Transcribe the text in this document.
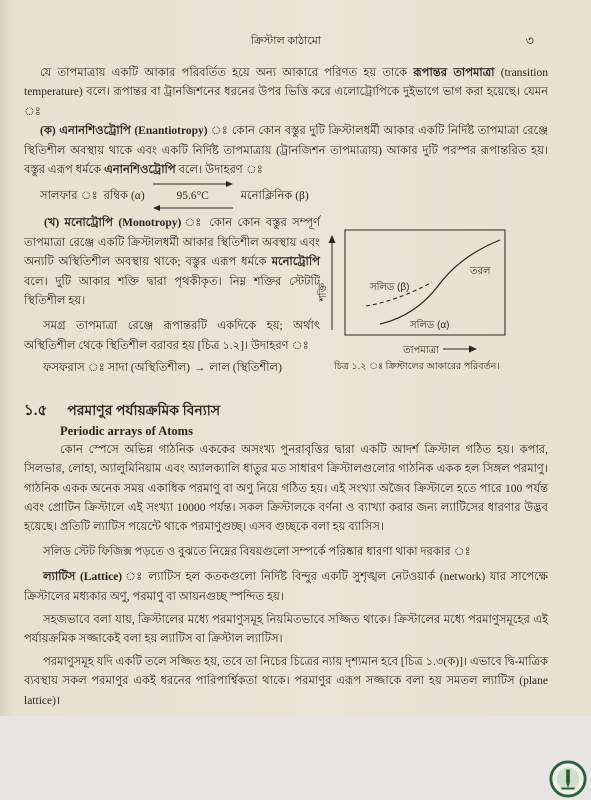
ক্রিস্টাল কাঠামো	৩

যে তাপমাত্রায় একটি আকার পরিবর্তিত হয়ে অন্য আকারে পরিণত হয় তাকে রূপান্তর তাপমাত্রা (transition temperature) বলে। রূপান্তর বা ট্রানজিশনের ধরনের উপর ভিত্তি করে এলোট্রোপিকে দুইভাগে ভাগ করা হয়েছে। যেমন ঃ

(ক) এনানশিওট্রোপি (Enantiotropy) ঃ কোন কোন বস্তুর দুটি ক্রিস্টালধর্মী আকার একটি নির্দিষ্ট তাপমাত্রা রেঞ্জে স্থিতিশীল অবস্থায় থাকে এবং একটি নির্দিষ্ট তাপমাত্রায় (ট্রানজিশন তাপমাত্রায়) আকার দুটি পরস্পর রূপান্তরিত হয়। বস্তুর এরূপ ধর্মকে এনানশিওট্রোপি বলে। উদাহরণ ঃ

সালফার ঃ রম্বিক (α)	95.6°C	মনোক্লিনিক (β)

(খ) মনোট্রোপি (Monotropy) ঃ কোন কোন বস্তুর সম্পূর্ণ তাপমাত্রা রেঞ্জে একটি ক্রিস্টালধর্মী আকার স্থিতিশীল অবস্থায় এবং অন্যটি অস্থিতিশীল অবস্থায় থাকে; বস্তুর এরূপ ধর্মকে মনোট্রোপি বলে। দুটি আকার শক্তি দ্বারা পৃথকীকৃত। নিম্ন শক্তির স্টেটটি স্থিতিশীল হয়।

সমগ্র তাপমাত্রা রেঞ্জে রূপান্তরটি একদিকে হয়; অর্থাৎ অস্থিতিশীল থেকে স্থিতিশীল বরাবর হয় [চিত্র ১.২]। উদাহরণ ঃ

ফসফরাস ঃ সাদা (অস্থিতিশীল) → লাল (স্থিতিশীল)

শক্তি	সলিড (β)
সলিড (α)
তরল
তাপমাত্রা
চিত্র ১.২ ঃ ক্রিস্টালের আকারের পরিবর্তন।
১.৫ পরমাণুর পর্যায়ক্রমিক বিন্যাস
Periodic arrays of Atoms

কোন স্পেসে অভিন্ন গাঠনিক এককের অসংখ্য পুনরাবৃত্তির দ্বারা একটি আদর্শ ক্রিস্টাল গঠিত হয়। কপার, সিলভার, লোহা, অ্যালুমিনিয়াম এবং অ্যালক্যালি ধাতুর মত সাধারণ ক্রিস্টালগুলোর গাঠনিক একক হল সিঙ্গল পরমাণু। গাঠনিক একক অনেক সময় একাধিক পরমাণু বা অণু নিয়ে গঠিত হয়। এই সংখ্যা অজৈব ক্রিস্টালে হতে পারে 100 পর্যন্ত এবং প্রোটিন ক্রিস্টালে এই সংখ্যা 10000 পর্যন্ত। সকল ক্রিস্টালকে বর্ণনা ও ব্যাখ্যা করার জন্য ল্যাটিসের ধারণার উদ্ভব হয়েছে। প্রতিটি ল্যাটিস পয়েন্টে থাকে পরমাণুগুচ্ছ। এসব গুচ্ছকে বলা হয় ব্যাসিস।

সলিড স্টেট ফিজিক্স পড়তে ও বুঝতে নিম্নের বিষয়গুলো সম্পর্কে পরিষ্কার ধারণা থাকা দরকার ঃ

ল্যাটিস (Lattice) ঃ ল্যাটিস হল কতকগুলো নির্দিষ্ট বিন্দুর একটি সুশৃঙ্খল নেটওয়ার্ক (network) যার সাপেক্ষে ক্রিস্টালের মধ্যকার অণু, পরমাণু বা আয়নগুচ্ছ স্পন্দিত হয়।

সহজভাবে বলা যায়, ক্রিস্টালের মধ্যে পরমাণুসমূহ নিয়মিতভাবে সজ্জিত থাকে। ক্রিস্টালের মধ্যে পরমাণুসমূহের এই পর্যায়ক্রমিক সজ্জাকেই বলা হয় ল্যাটিস বা ক্রিস্টাল ল্যাটিস।

পরমাণুসমূহ যদি একটি তলে সজ্জিত হয়, তবে তা নিচের চিত্রের ন্যায় দৃশ্যমান হবে [চিত্র ১.৩(ক)]। এভাবে দ্বি-মাত্রিক ব্যবস্থায় সকল পরমাণুর একই ধরনের পারিপার্শ্বিকতা থাকে। পরমাণুর এরূপ সজ্জাকে বলা হয় সমতল ল্যাটিস (plane lattice)।
